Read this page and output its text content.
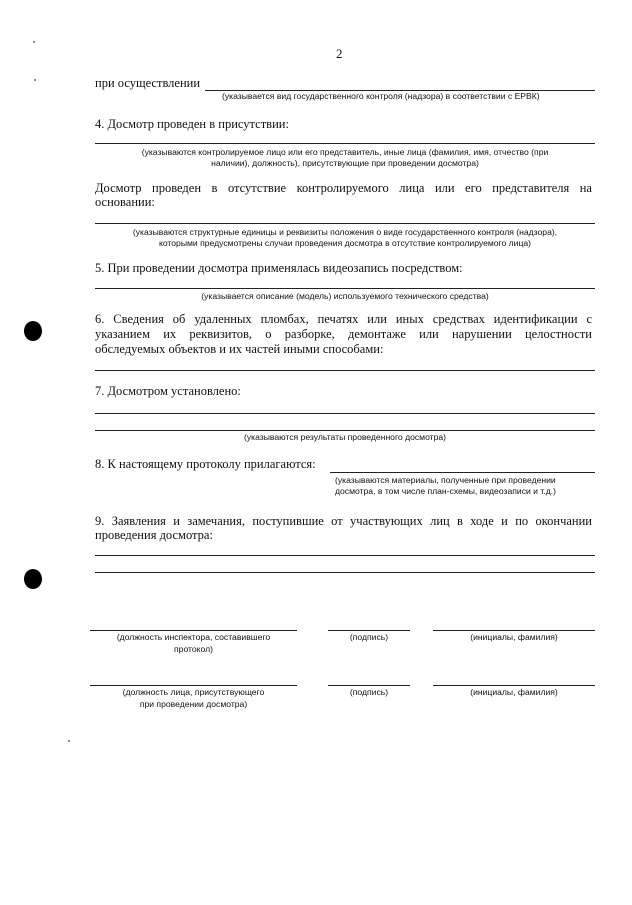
2
при осуществлении
(указывается вид государственного контроля (надзора) в соответствии с ЕРВК)
4. Досмотр проведен в присутствии:
(указываются контролируемое лицо или его представитель, иные лица (фамилия, имя, отчество (при
наличии), должность), присутствующие при проведении досмотра)
Досмотр проведен в отсутствие контролируемого лица или его представителя на
основании:
(указываются структурные единицы и реквизиты положения о виде государственного контроля (надзора),
которыми предусмотрены случаи проведения досмотра в отсутствие контролируемого лица)
5. При проведении досмотра применялась видеозапись посредством:
(указывается описание (модель) используемого технического средства)
6. Сведения об удаленных пломбах, печатях или иных средствах идентификации с
указанием их реквизитов, о разборке, демонтаже или нарушении целостности
обследуемых объектов и их частей иными способами:
7. Досмотром установлено:
(указываются результаты проведенного досмотра)
8. К настоящему протоколу прилагаются:
(указываются материалы, полученные при проведении
досмотра, в том числе план-схемы, видеозаписи и т.д.)
9. Заявления и замечания, поступившие от участвующих лиц в ходе и по окончании
проведения досмотра:
(должность инспектора, составившего
протокол)
(подпись)	(инициалы, фамилия)
(должность лица, присутствующего
при проведении досмотра)
(подпись)	(инициалы, фамилия)
